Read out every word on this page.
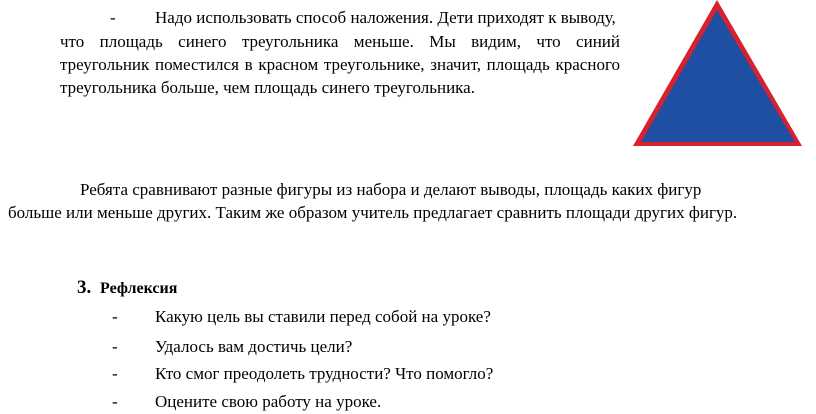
- Надо использовать способ наложения. Дети приходят к выводу,
что площадь синего треугольника меньше. Мы видим, что синий
треугольник поместился в красном треугольнике, значит, площадь красного
треугольника больше, чем площадь синего треугольника.
Ребята сравнивают разные фигуры из набора и делают выводы, площадь каких фигур
больше или меньше других. Таким же образом учитель предлагает сравнить площади других фигур.
3. Рефлексия
- Какую цель вы ставили перед собой на уроке?
- Удалось вам достичь цели?
- Кто смог преодолеть трудности? Что помогло?
- Оцените свою работу на уроке.
